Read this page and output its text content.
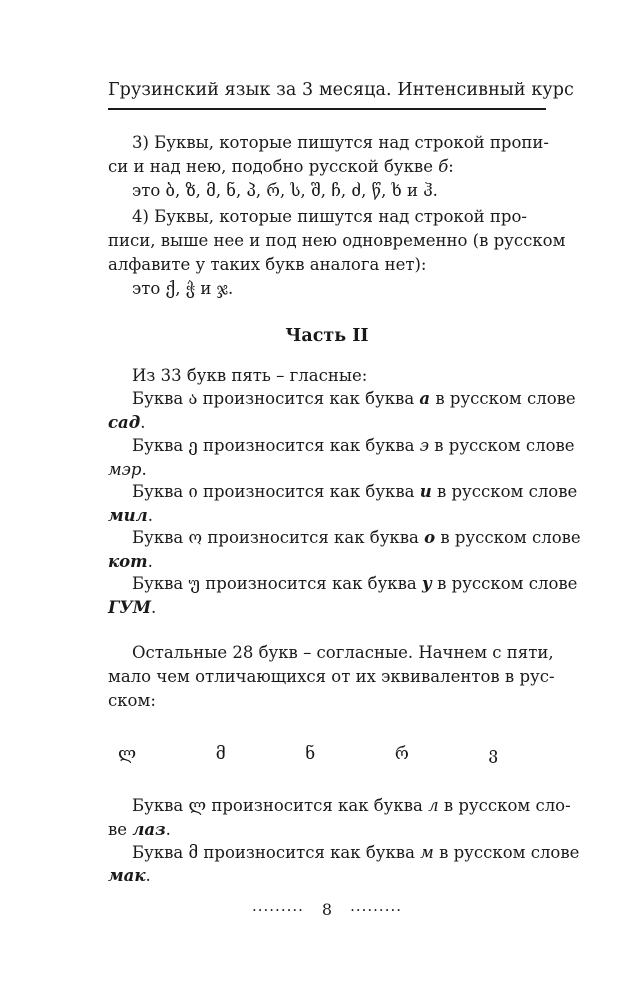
Грузинский язык за 3 месяца. Интенсивный курс
3) Буквы, которые пишутся над строкой пропи-
си и над нею, подобно русской букве б:
это ბ, ზ, მ, ნ, პ, რ, ს, შ, ჩ, ძ, წ, ხ и ჰ.
4) Буквы, которые пишутся над строкой про-
писи, выше нее и под нею одновременно (в русском
алфавите у таких букв аналога нет):
это ქ, ჭ и ჯ.
Часть II
Из 33 букв пять – гласные:
Буква ა произносится как буква а в русском слове
сад.
Буква ე произносится как буква э в русском слове
мэр.
Буква ი произносится как буква и в русском слове
мил.
Буква ო произносится как буква о в русском слове
кот.
Буква უ произносится как буква у в русском слове
ГУМ.
Остальные 28 букв – согласные. Начнем с пяти,
мало чем отличающихся от их эквивалентов в рус-
ском:
ლ	მ	ნ	რ	ვ
Буква ლ произносится как буква л в русском сло-
ве лаз.
Буква მ произносится как буква м в русском слове
мак.
········· 8 ·········
